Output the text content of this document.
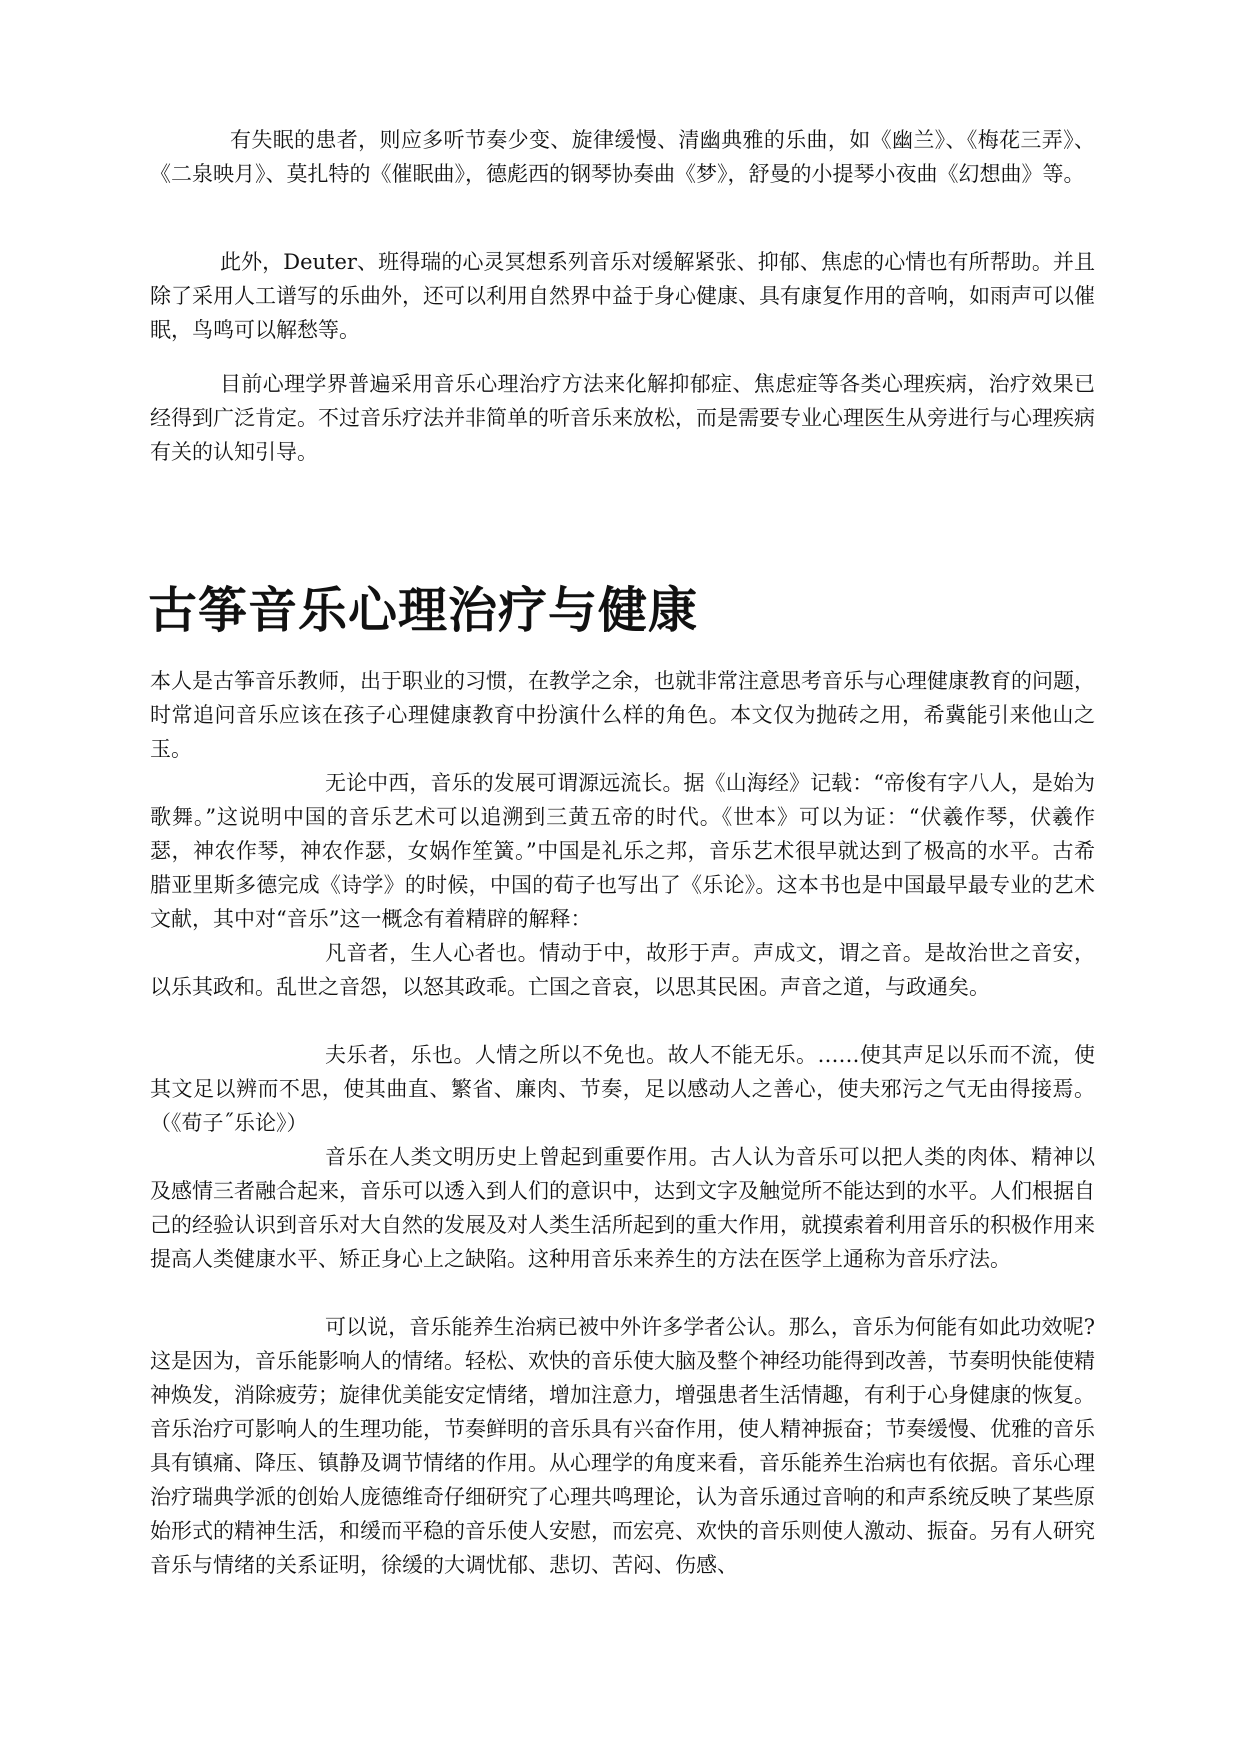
有失眠的患者，则应多听节奏少变、旋律缓慢、清幽典雅的乐曲，如《幽兰》、《梅花三弄》、《二泉映月》、莫扎特的《催眠曲》，德彪西的钢琴协奏曲《梦》，舒曼的小提琴小夜曲《幻想曲》等。

此外，Deuter、班得瑞的心灵冥想系列音乐对缓解紧张、抑郁、焦虑的心情也有所帮助。并且除了采用人工谱写的乐曲外，还可以利用自然界中益于身心健康、具有康复作用的音响，如雨声可以催眠，鸟鸣可以解愁等。

目前心理学界普遍采用音乐心理治疗方法来化解抑郁症、焦虑症等各类心理疾病，治疗效果已经得到广泛肯定。不过音乐疗法并非简单的听音乐来放松，而是需要专业心理医生从旁进行与心理疾病有关的认知引导。

古筝音乐心理治疗与健康

本人是古筝音乐教师，出于职业的习惯，在教学之余，也就非常注意思考音乐与心理健康教育的问题，时常追问音乐应该在孩子心理健康教育中扮演什么样的角色。本文仅为抛砖之用，希冀能引来他山之玉。

无论中西，音乐的发展可谓源远流长。据《山海经》记载：“帝俊有字八人，是始为歌舞。”这说明中国的音乐艺术可以追溯到三黄五帝的时代。《世本》可以为证：“伏羲作琴，伏羲作瑟，神农作琴，神农作瑟，女娲作笙簧。”中国是礼乐之邦，音乐艺术很早就达到了极高的水平。古希腊亚里斯多德完成《诗学》的时候，中国的荀子也写出了《乐论》。这本书也是中国最早最专业的艺术文献，其中对“音乐”这一概念有着精辟的解释：

凡音者，生人心者也。情动于中，故形于声。声成文，谓之音。是故治世之音安，以乐其政和。乱世之音怨，以怒其政乖。亡国之音哀，以思其民困。声音之道，与政通矣。

夫乐者，乐也。人情之所以不免也。故人不能无乐。……使其声足以乐而不流，使其文足以辨而不思，使其曲直、繁省、廉肉、节奏，足以感动人之善心，使夫邪污之气无由得接焉。（《荀子˝乐论》）

音乐在人类文明历史上曾起到重要作用。古人认为音乐可以把人类的肉体、精神以及感情三者融合起来，音乐可以透入到人们的意识中，达到文字及触觉所不能达到的水平。人们根据自己的经验认识到音乐对大自然的发展及对人类生活所起到的重大作用，就摸索着利用音乐的积极作用来提高人类健康水平、矫正身心上之缺陷。这种用音乐来养生的方法在医学上通称为音乐疗法。

可以说，音乐能养生治病已被中外许多学者公认。那么，音乐为何能有如此功效呢?这是因为，音乐能影响人的情绪。轻松、欢快的音乐使大脑及整个神经功能得到改善，节奏明快能使精神焕发，消除疲劳；旋律优美能安定情绪，增加注意力，增强患者生活情趣，有利于心身健康的恢复。音乐治疗可影响人的生理功能，节奏鲜明的音乐具有兴奋作用，使人精神振奋；节奏缓慢、优雅的音乐具有镇痛、降压、镇静及调节情绪的作用。从心理学的角度来看，音乐能养生治病也有依据。音乐心理治疗瑞典学派的创始人庞德维奇仔细研究了心理共鸣理论，认为音乐通过音响的和声系统反映了某些原始形式的精神生活，和缓而平稳的音乐使人安慰，而宏亮、欢快的音乐则使人激动、振奋。另有人研究音乐与情绪的关系证明，徐缓的大调忧郁、悲切、苦闷、伤感、
